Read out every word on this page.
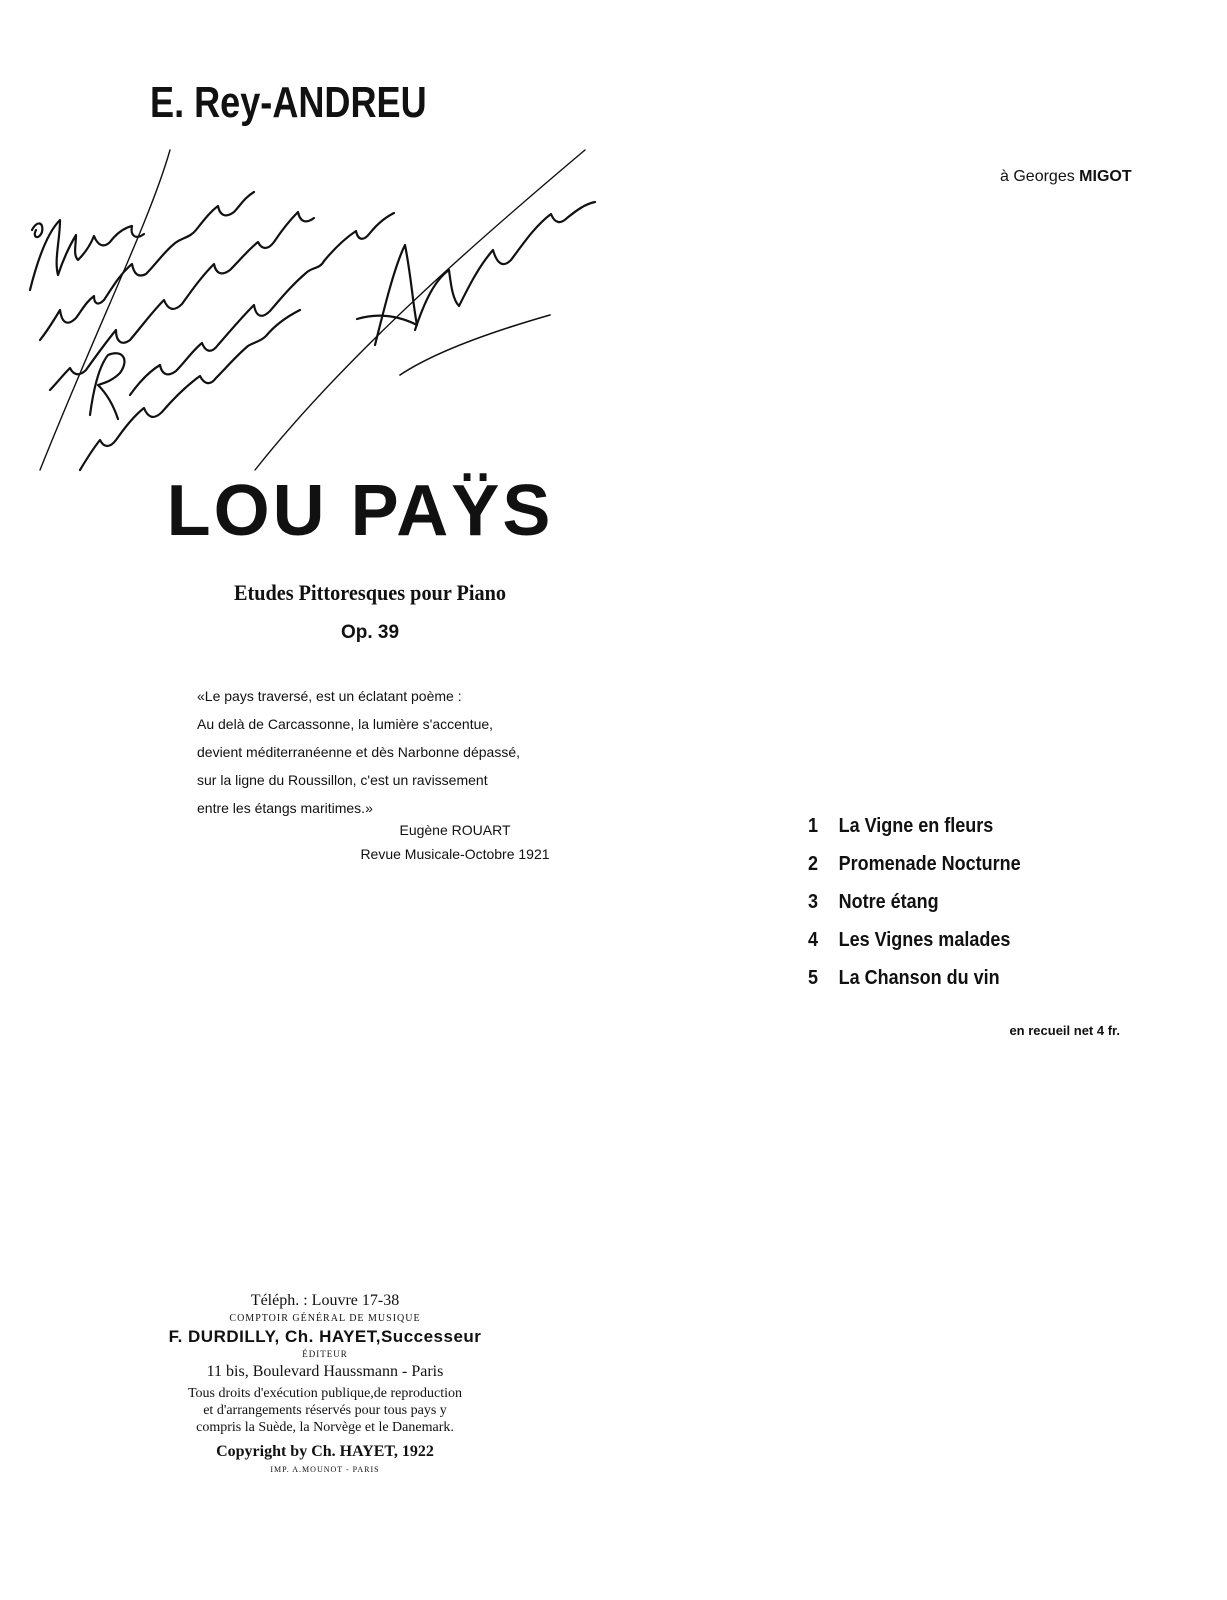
E. Rey-ANDREU
à Georges MIGOT
LOU PAŸS
Etudes Pittoresques pour Piano
Op. 39
«Le pays traversé, est un éclatant poème :
Au delà de Carcassonne, la lumière s'accentue,
devient méditerranéenne et dès Narbonne dépassé,
sur la ligne du Roussillon, c'est un ravissement
entre les étangs maritimes.»
Eugène ROUART
Revue Musicale-Octobre 1921
1 La Vigne en fleurs
2 Promenade Nocturne
3 Notre étang
4 Les Vignes malades
5 La Chanson du vin
en recueil net 4 fr.
Téléph. : Louvre 17-38
COMPTOIR GÉNÉRAL DE MUSIQUE
F. DURDILLY, Ch. HAYET,Successeur
ÉDITEUR
11 bis, Boulevard Haussmann - Paris
Tous droits d'exécution publique,de reproduction
et d'arrangements réservés pour tous pays y
compris la Suède, la Norvège et le Danemark.
Copyright by Ch. HAYET, 1922
IMP. A.MOUNOT - PARIS
